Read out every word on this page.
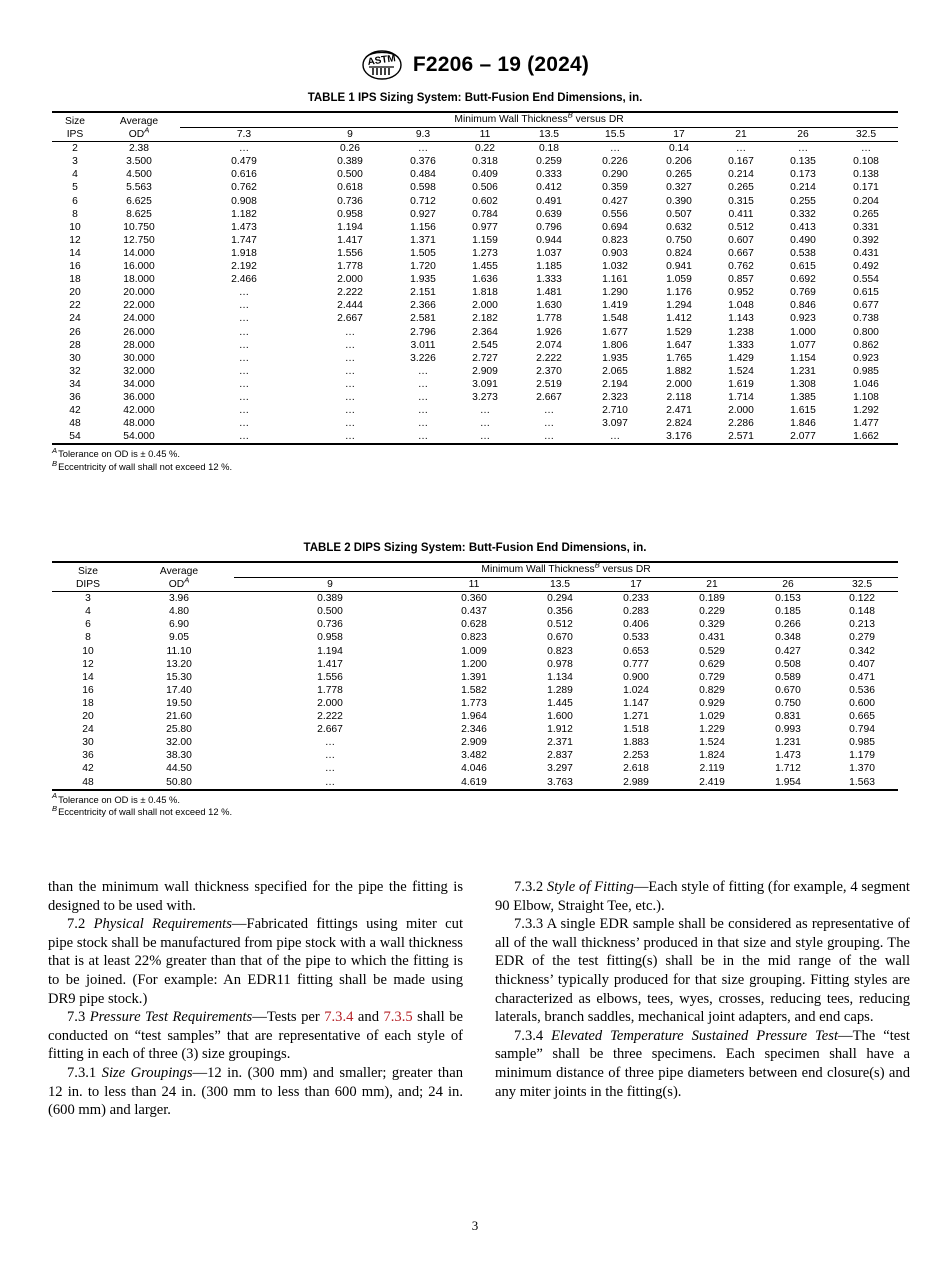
ASTM F2206 – 19 (2024)
TABLE 1 IPS Sizing System: Butt-Fusion End Dimensions, in.
Size
IPS

Average
OD$^A$
	Minimum Wall Thickness$^B$ versus DR
		7.3	9	9.3	11	13.5	15.5	17	21	26	32.5
2	2.38	…	0.26	…	0.22	0.18	…	0.14	…	…	…
3	3.500	0.479	0.389	0.376	0.318	0.259	0.226	0.206	0.167	0.135	0.108
4	4.500	0.616	0.500	0.484	0.409	0.333	0.290	0.265	0.214	0.173	0.138
5	5.563	0.762	0.618	0.598	0.506	0.412	0.359	0.327	0.265	0.214	0.171
6	6.625	0.908	0.736	0.712	0.602	0.491	0.427	0.390	0.315	0.255	0.204
8	8.625	1.182	0.958	0.927	0.784	0.639	0.556	0.507	0.411	0.332	0.265
10	10.750	1.473	1.194	1.156	0.977	0.796	0.694	0.632	0.512	0.413	0.331
12	12.750	1.747	1.417	1.371	1.159	0.944	0.823	0.750	0.607	0.490	0.392
14	14.000	1.918	1.556	1.505	1.273	1.037	0.903	0.824	0.667	0.538	0.431
16	16.000	2.192	1.778	1.720	1.455	1.185	1.032	0.941	0.762	0.615	0.492
18	18.000	2.466	2.000	1.935	1.636	1.333	1.161	1.059	0.857	0.692	0.554
20	20.000	…	2.222	2.151	1.818	1.481	1.290	1.176	0.952	0.769	0.615
22	22.000	…	2.444	2.366	2.000	1.630	1.419	1.294	1.048	0.846	0.677
24	24.000	…	2.667	2.581	2.182	1.778	1.548	1.412	1.143	0.923	0.738
26	26.000	…	…	2.796	2.364	1.926	1.677	1.529	1.238	1.000	0.800
28	28.000	…	…	3.011	2.545	2.074	1.806	1.647	1.333	1.077	0.862
30	30.000	…	…	3.226	2.727	2.222	1.935	1.765	1.429	1.154	0.923
32	32.000	…	…	…	2.909	2.370	2.065	1.882	1.524	1.231	0.985
34	34.000	…	…	…	3.091	2.519	2.194	2.000	1.619	1.308	1.046
36	36.000	…	…	…	3.273	2.667	2.323	2.118	1.714	1.385	1.108
42	42.000	…	…	…	…	…	2.710	2.471	2.000	1.615	1.292
48	48.000	…	…	…	…	…	3.097	2.824	2.286	1.846	1.477
54	54.000	…	…	…	…	…	…	3.176	2.571	2.077	1.662
$^A$Tolerance on OD is ± 0.45 %.
$^B$Eccentricity of wall shall not exceed 12 %.
TABLE 2 DIPS Sizing System: Butt-Fusion End Dimensions, in.
Size
DIPS

Average
OD$^A$
	Minimum Wall Thickness$^B$ versus DR
		9	11	13.5	17	21	26	32.5
3	3.96	0.389	0.360	0.294	0.233	0.189	0.153	0.122
4	4.80	0.500	0.437	0.356	0.283	0.229	0.185	0.148
6	6.90	0.736	0.628	0.512	0.406	0.329	0.266	0.213
8	9.05	0.958	0.823	0.670	0.533	0.431	0.348	0.279
10	11.10	1.194	1.009	0.823	0.653	0.529	0.427	0.342
12	13.20	1.417	1.200	0.978	0.777	0.629	0.508	0.407
14	15.30	1.556	1.391	1.134	0.900	0.729	0.589	0.471
16	17.40	1.778	1.582	1.289	1.024	0.829	0.670	0.536
18	19.50	2.000	1.773	1.445	1.147	0.929	0.750	0.600
20	21.60	2.222	1.964	1.600	1.271	1.029	0.831	0.665
24	25.80	2.667	2.346	1.912	1.518	1.229	0.993	0.794
30	32.00	…	2.909	2.371	1.883	1.524	1.231	0.985
36	38.30	…	3.482	2.837	2.253	1.824	1.473	1.179
42	44.50	…	4.046	3.297	2.618	2.119	1.712	1.370
48	50.80	…	4.619	3.763	2.989	2.419	1.954	1.563
$^A$Tolerance on OD is ± 0.45 %.
$^B$Eccentricity of wall shall not exceed 12 %.

than the minimum wall thickness specified for the pipe the fitting is designed to be used with.

7.2 Physical Requirements—Fabricated fittings using miter cut pipe stock shall be manufactured from pipe stock with a wall thickness that is at least 22% greater than that of the pipe to which the fitting is to be joined. (For example: An EDR11 fitting shall be made using DR9 pipe stock.)

7.3 Pressure Test Requirements—Tests per 7.3.4 and 7.3.5 shall be conducted on “test samples” that are representative of each style of fitting in each of three (3) size groupings.

7.3.1 Size Groupings—12 in. (300 mm) and smaller; greater than 12 in. to less than 24 in. (300 mm to less than 600 mm), and; 24 in. (600 mm) and larger.

7.3.2 Style of Fitting—Each style of fitting (for example, 4 segment 90 Elbow, Straight Tee, etc.).

7.3.3 A single EDR sample shall be considered as representative of all of the wall thickness’ produced in that size and style grouping. The EDR of the test fitting(s) shall be in the mid range of the wall thickness’ typically produced for that size grouping. Fitting styles are characterized as elbows, tees, wyes, crosses, reducing tees, reducing laterals, branch saddles, mechanical joint adapters, and end caps.

7.3.4 Elevated Temperature Sustained Pressure Test—The “test sample” shall be three specimens. Each specimen shall have a minimum distance of three pipe diameters between end closure(s) and any miter joints in the fitting(s).

3
